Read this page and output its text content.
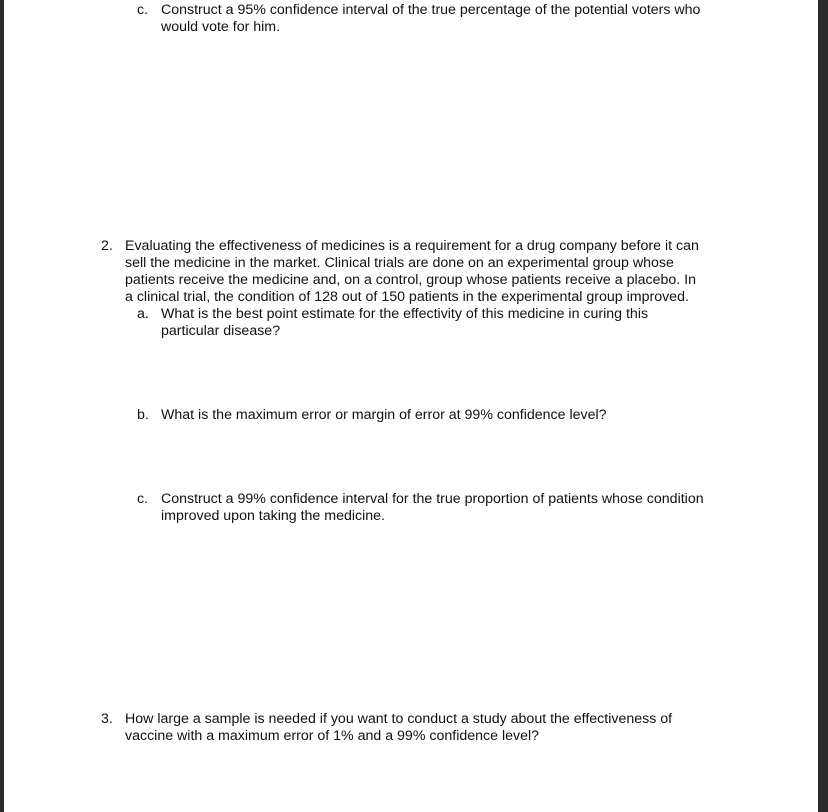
c. Construct a 95% confidence interval of the true percentage of the potential voters who
would vote for him.
2. Evaluating the effectiveness of medicines is a requirement for a drug company before it can
sell the medicine in the market. Clinical trials are done on an experimental group whose
patients receive the medicine and, on a control, group whose patients receive a placebo. In
a clinical trial, the condition of 128 out of 150 patients in the experimental group improved.
a. What is the best point estimate for the effectivity of this medicine in curing this
particular disease?
b. What is the maximum error or margin of error at 99% confidence level?
c. Construct a 99% confidence interval for the true proportion of patients whose condition
improved upon taking the medicine.
3. How large a sample is needed if you want to conduct a study about the effectiveness of
vaccine with a maximum error of 1% and a 99% confidence level?
